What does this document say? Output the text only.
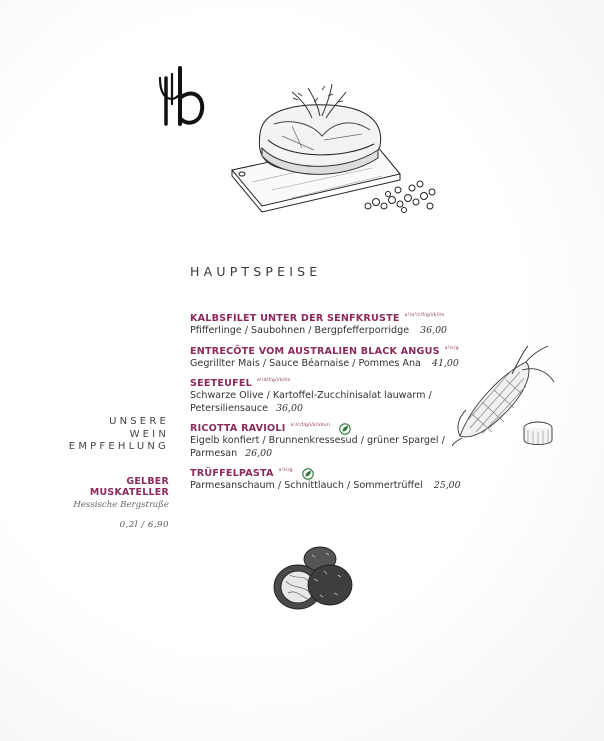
HAUPTSPEISE
KALBSFILET UNTER DER SENFKRUSTE a¹/a²/c/f/g/i/k/l/n
Pfifferlinge / Saubohnen / Bergpfefferporridge 36,00
ENTRECÔTE VOM AUSTRALIEN BLACK ANGUS a¹/c/g
Gegrillter Mais / Sauce Béarnaise / Pommes Ana 41,00
SEETEUFEL a¹/d/f/g/i/k/l/n
Schwarze Olive / Kartoffel-Zucchinisalat lauwarm /
Petersiliensauce 36,00
RICOTTA RAVIOLI a¹/c/f/g/i/k/l/m/n
Eigelb konfiert / Brunnenkressesud / grüner Spargel /
Parmesan 26,00
TRÜFFELPASTA a¹/c/g
Parmesanschaum / Schnittlauch / Sommertrüffel 25,00
UNSERE
WEIN
EMPFEHLUNG
GELBER
MUSKATELLER
Hessische Bergstraße
0,2l / 6,90
